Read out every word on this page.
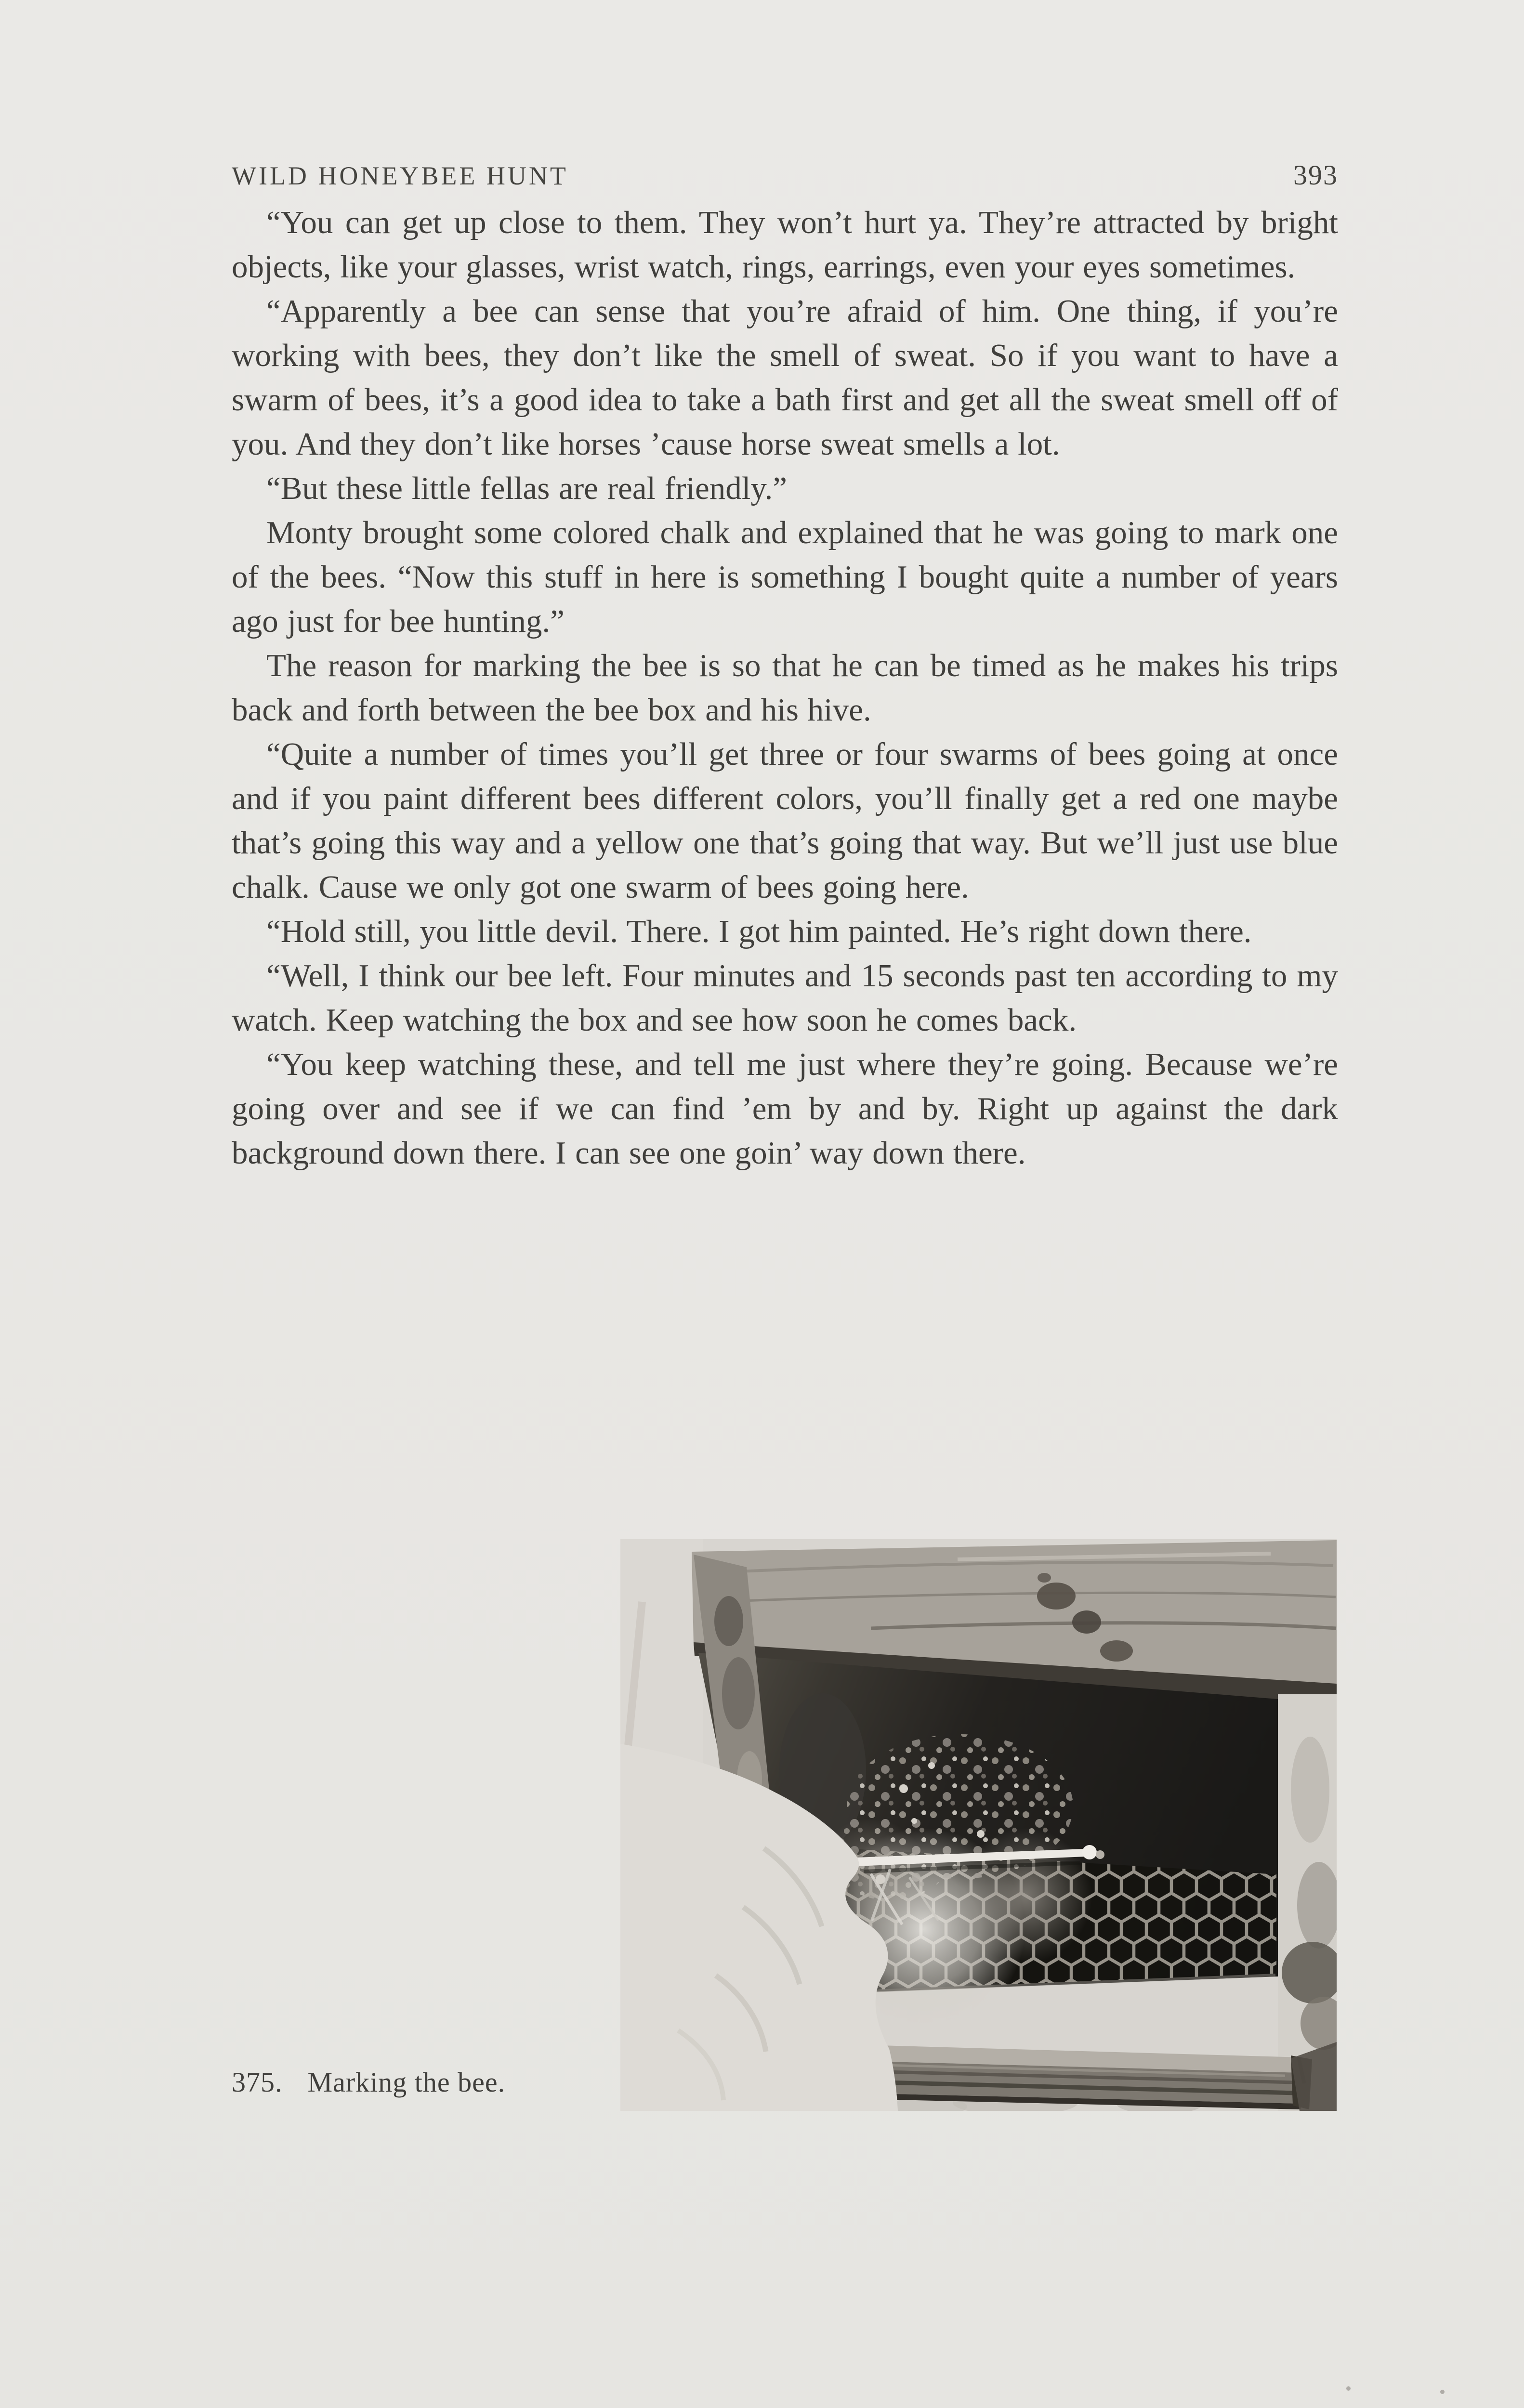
WILD HONEYBEE HUNT	393

“You can get up close to them. They won’t hurt ya. They’re attracted by bright objects, like your glasses, wrist watch, rings, earrings, even your eyes sometimes.

“Apparently a bee can sense that you’re afraid of him. One thing, if you’re working with bees, they don’t like the smell of sweat. So if you want to have a swarm of bees, it’s a good idea to take a bath first and get all the sweat smell off of you. And they don’t like horses ’cause horse sweat smells a lot.

“But these little fellas are real friendly.”

Monty brought some colored chalk and explained that he was going to mark one of the bees. “Now this stuff in here is something I bought quite a number of years ago just for bee hunting.”

The reason for marking the bee is so that he can be timed as he makes his trips back and forth between the bee box and his hive.

“Quite a number of times you’ll get three or four swarms of bees going at once and if you paint different bees different colors, you’ll finally get a red one maybe that’s going this way and a yellow one that’s going that way. But we’ll just use blue chalk. Cause we only got one swarm of bees going here.

“Hold still, you little devil. There. I got him painted. He’s right down there.

“Well, I think our bee left. Four minutes and 15 seconds past ten according to my watch. Keep watching the box and see how soon he comes back.

“You keep watching these, and tell me just where they’re going. Because we’re going over and see if we can find ’em by and by. Right up against the dark background down there. I can see one goin’ way down there.

375. Marking the bee.
